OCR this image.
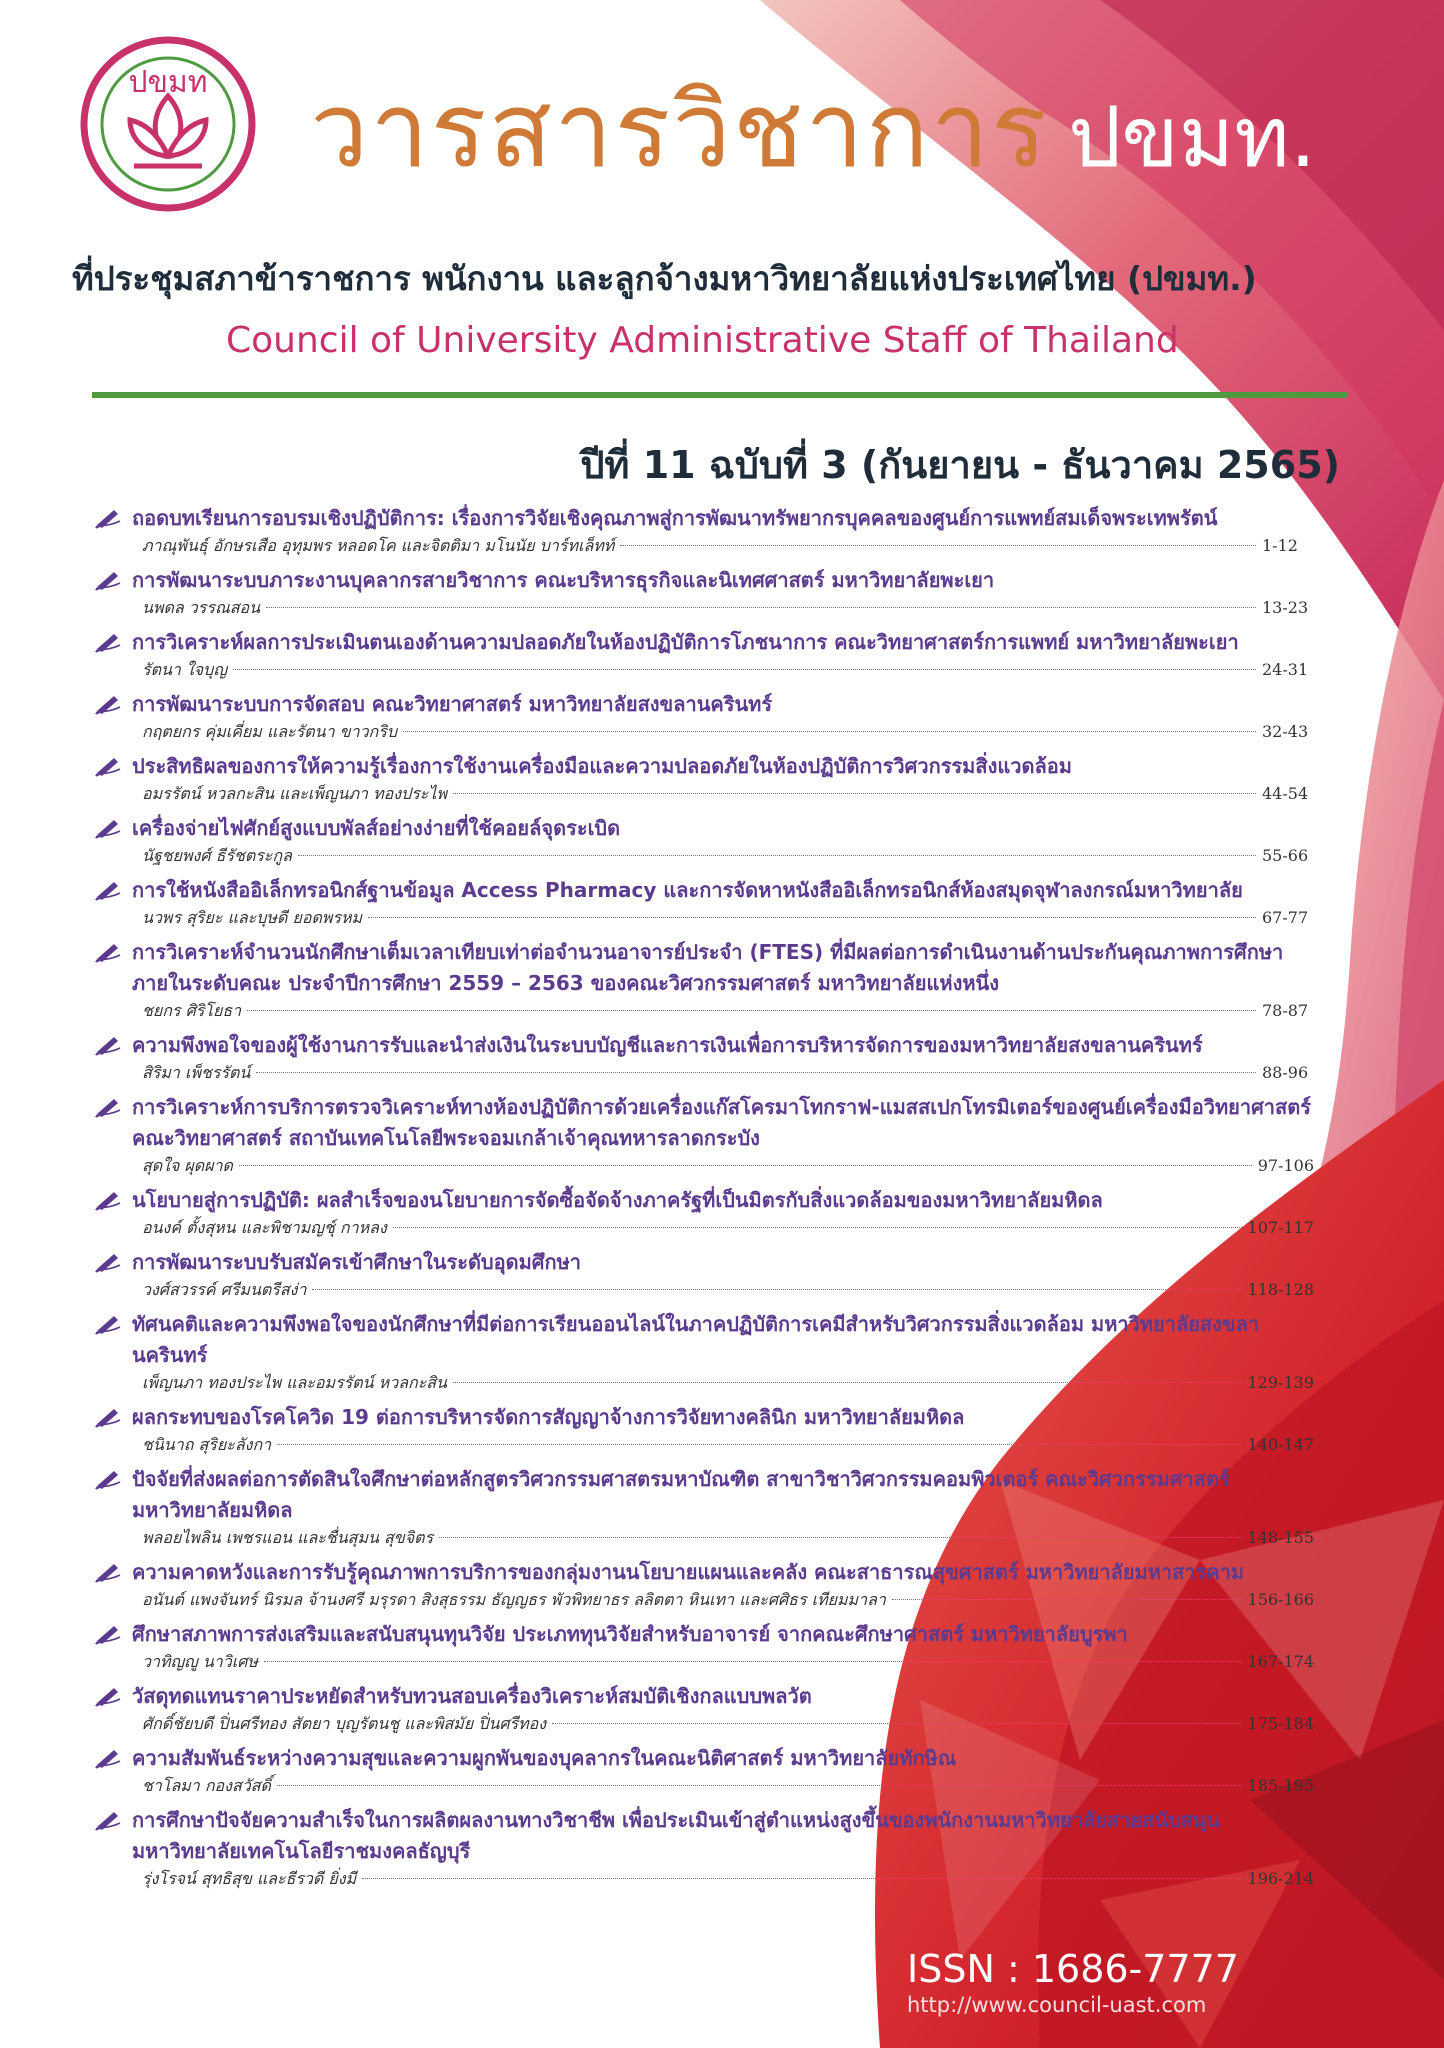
ปขมท วารสารวิชาการ ปขมท.
ที่ประชุมสภาข้าราชการ พนักงาน และลูกจ้างมหาวิทยาลัยแห่งประเทศไทย (ปขมท.)
Council of University Administrative Staff of Thailand
ปีที่ 11 ฉบับที่ 3 (กันยายน - ธันวาคม 2565)
ถอดบทเรียนการอบรมเชิงปฏิบัติการ: เรื่องการวิจัยเชิงคุณภาพสู่การพัฒนาทรัพยากรบุคคลของศูนย์การแพทย์สมเด็จพระเทพรัตน์
ภาณุพันธุ์ อักษรเสือ อุทุมพร หลอดโค และจิตติมา มโนนัย บาร์ทเล็ทท์	1-12
การพัฒนาระบบภาระงานบุคลากรสายวิชาการ คณะบริหารธุรกิจและนิเทศศาสตร์ มหาวิทยาลัยพะเยา
นพดล วรรณสอน	13-23
การวิเคราะห์ผลการประเมินตนเองด้านความปลอดภัยในห้องปฏิบัติการโภชนาการ คณะวิทยาศาสตร์การแพทย์ มหาวิทยาลัยพะเยา
รัตนา ใจบุญ	24-31
การพัฒนาระบบการจัดสอบ คณะวิทยาศาสตร์ มหาวิทยาลัยสงขลานครินทร์
กฤตยกร คุ่มเคี่ยม และรัตนา ขาวกริบ	32-43
ประสิทธิผลของการให้ความรู้เรื่องการใช้งานเครื่องมือและความปลอดภัยในห้องปฏิบัติการวิศวกรรมสิ่งแวดล้อม
อมรรัตน์ หวลกะสิน และเพ็ญนภา ทองประไพ	44-54
เครื่องจ่ายไฟศักย์สูงแบบพัลส์อย่างง่ายที่ใช้คอยล์จุดระเบิด
นัฐชยพงศ์ ธีรัชตระกูล	55-66
การใช้หนังสืออิเล็กทรอนิกส์ฐานข้อมูล Access Pharmacy และการจัดหาหนังสืออิเล็กทรอนิกส์ห้องสมุดจุฬาลงกรณ์มหาวิทยาลัย
นวพร สุริยะ และบุษดี ยอดพรหม	67-77
การวิเคราะห์จำนวนนักศึกษาเต็มเวลาเทียบเท่าต่อจำนวนอาจารย์ประจำ (FTES) ที่มีผลต่อการดำเนินงานด้านประกันคุณภาพการศึกษาภายในระดับคณะ ประจำปีการศึกษา 2559 – 2563 ของคณะวิศวกรรมศาสตร์ มหาวิทยาลัยแห่งหนึ่ง
ชยกร ศิริโยธา	78-87
ความพึงพอใจของผู้ใช้งานการรับและนำส่งเงินในระบบบัญชีและการเงินเพื่อการบริหารจัดการของมหาวิทยาลัยสงขลานครินทร์
สิริมา เพ็ชรรัตน์	88-96
การวิเคราะห์การบริการตรวจวิเคราะห์ทางห้องปฏิบัติการด้วยเครื่องแก๊สโครมาโทกราฟ-แมสสเปกโทรมิเตอร์ของศูนย์เครื่องมือวิทยาศาสตร์ คณะวิทยาศาสตร์ สถาบันเทคโนโลยีพระจอมเกล้าเจ้าคุณทหารลาดกระบัง
สุดใจ ผุดผาด	97-106
นโยบายสู่การปฏิบัติ: ผลสำเร็จของนโยบายการจัดซื้อจัดจ้างภาครัฐที่เป็นมิตรกับสิ่งแวดล้อมของมหาวิทยาลัยมหิดล
อนงค์ ตั้งสุหน และพิชามญชุ์ กาหลง	107-117
การพัฒนาระบบรับสมัครเข้าศึกษาในระดับอุดมศึกษา
วงศ์สวรรค์ ศรีมนตรีสง่า	118-128
ทัศนคติและความพึงพอใจของนักศึกษาที่มีต่อการเรียนออนไลน์ในภาคปฏิบัติการเคมีสำหรับวิศวกรรมสิ่งแวดล้อม มหาวิทยาลัยสงขลานครินทร์
เพ็ญนภา ทองประไพ และอมรรัตน์ หวลกะสิน	129-139
ผลกระทบของโรคโควิด 19 ต่อการบริหารจัดการสัญญาจ้างการวิจัยทางคลินิก มหาวิทยาลัยมหิดล
ชนินาถ สุริยะลังกา	140-147
ปัจจัยที่ส่งผลต่อการตัดสินใจศึกษาต่อหลักสูตรวิศวกรรมศาสตรมหาบัณฑิต สาขาวิชาวิศวกรรมคอมพิวเตอร์ คณะวิศวกรรมศาสตร์ มหาวิทยาลัยมหิดล
พลอยไพลิน เพชรแอน และชื่นสุมน สุขจิตร	148-155
ความคาดหวังและการรับรู้คุณภาพการบริการของกลุ่มงานนโยบายแผนและคลัง คณะสาธารณสุขศาสตร์ มหาวิทยาลัยมหาสารคาม
อนันต์ แพงจันทร์ นิรมล จ้านงศรี มรุรดา สิงสุธรรม ธัญญธร พัวพิทยาธร ลลิตตา หินเทา และศศิธร เทียมมาลา	156-166
ศึกษาสภาพการส่งเสริมและสนับสนุนทุนวิจัย ประเภททุนวิจัยสำหรับอาจารย์ จากคณะศึกษาศาสตร์ มหาวิทยาลัยบูรพา
วาทิญญู นาวิเศษ	167-174
วัสดุทดแทนราคาประหยัดสำหรับทวนสอบเครื่องวิเคราะห์สมบัติเชิงกลแบบพลวัต
ศักดิ์ชัยบดี ปิ่นศรีทอง สัตยา บุญรัตนชู และพิสมัย ปิ่นศรีทอง	175-184
ความสัมพันธ์ระหว่างความสุขและความผูกพันของบุคลากรในคณะนิติศาสตร์ มหาวิทยาลัยทักษิณ
ชาโลมา กองสวัสดิ์	185-195
การศึกษาปัจจัยความสำเร็จในการผลิตผลงานทางวิชาชีพ เพื่อประเมินเข้าสู่ตำแหน่งสูงขึ้นของพนักงานมหาวิทยาลัยสายสนับสนุน มหาวิทยาลัยเทคโนโลยีราชมงคลธัญบุรี
รุ่งโรจน์ สุทธิสุข และธีรวดี ยิ่งมี	196-214
ISSN : 1686-7777
http://www.council-uast.com
